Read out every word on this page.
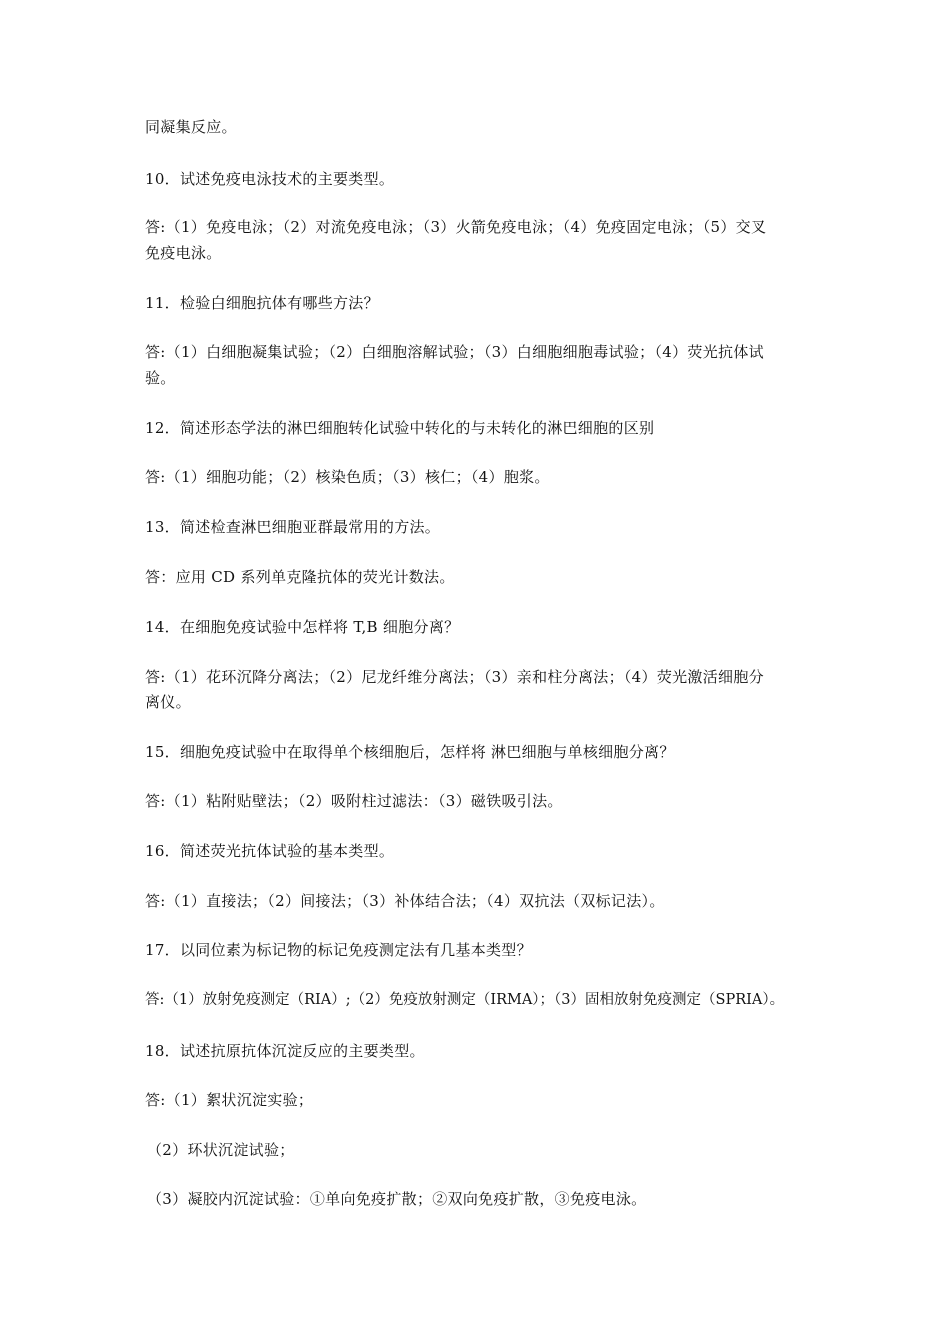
同凝集反应。
10．试述免疫电泳技术的主要类型。
答:（1）免疫电泳；（2）对流免疫电泳；（3）火箭免疫电泳；（4）免疫固定电泳；（5）交叉
免疫电泳。
11．检验白细胞抗体有哪些方法？
答:（1）白细胞凝集试验；（2）白细胞溶解试验；（3）白细胞细胞毒试验；（4）荧光抗体试
验。
12．简述形态学法的淋巴细胞转化试验中转化的与未转化的淋巴细胞的区别
答:（1）细胞功能；（2）核染色质；（3）核仁；（4）胞浆。
13．简述检查淋巴细胞亚群最常用的方法。
答：应用 CD 系列单克隆抗体的荧光计数法。
14．在细胞免疫试验中怎样将 T,B 细胞分离？
答:（1）花环沉降分离法；（2）尼龙纤维分离法；（3）亲和柱分离法；（4）荧光激活细胞分
离仪。
15．细胞免疫试验中在取得单个核细胞后，怎样将 淋巴细胞与单核细胞分离？
答:（1）粘附贴壁法；（2）吸附柱过滤法：（3）磁铁吸引法。
16．简述荧光抗体试验的基本类型。
答:（1）直接法；（2）间接法；（3）补体结合法；（4）双抗法（双标记法）。
17．以同位素为标记物的标记免疫测定法有几基本类型？
答:（1）放射免疫测定（RIA）;（2）免疫放射测定（IRMA）；（3）固相放射免疫测定（SPRIA）。
18．试述抗原抗体沉淀反应的主要类型。
答:（1）絮状沉淀实验；
（2）环状沉淀试验；
（3）凝胶内沉淀试验：①单向免疫扩散；②双向免疫扩散，③免疫电泳。
